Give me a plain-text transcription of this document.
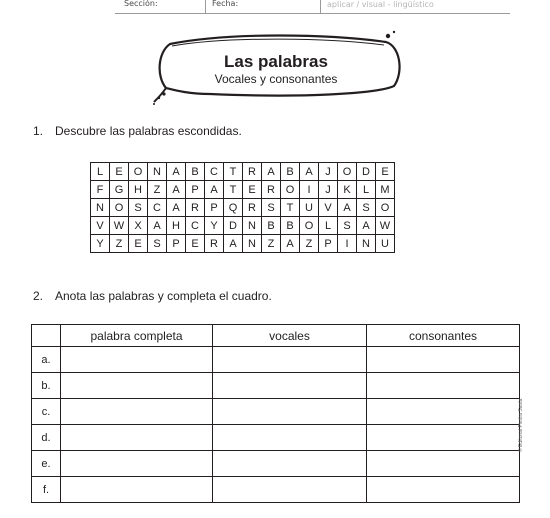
Sección:	Fecha:	aplicar / visual - lingüístico
Las palabras
Vocales y consonantes
1. Descubre las palabras escondidas.
L	E	O	N	A	B	C	T	R	A	B	A	J	O	D	E
F	G	H	Z	A	P	A	T	E	R	O	I	J	K	L	M
N	O	S	C	A	R	P	Q	R	S	T	U	V	A	S	O
V	W	X	A	H	C	Y	D	N	B	B	O	L	S	A	W
Y	Z	E	S	P	E	R	A	N	Z	A	Z	P	I	N	U
2. Anota las palabras y completa el cuadro.
	palabra completa	vocales	consonantes
a.			
b.			
c.			
d.			
e.			
f.			
© Editorial Piedra Santa
